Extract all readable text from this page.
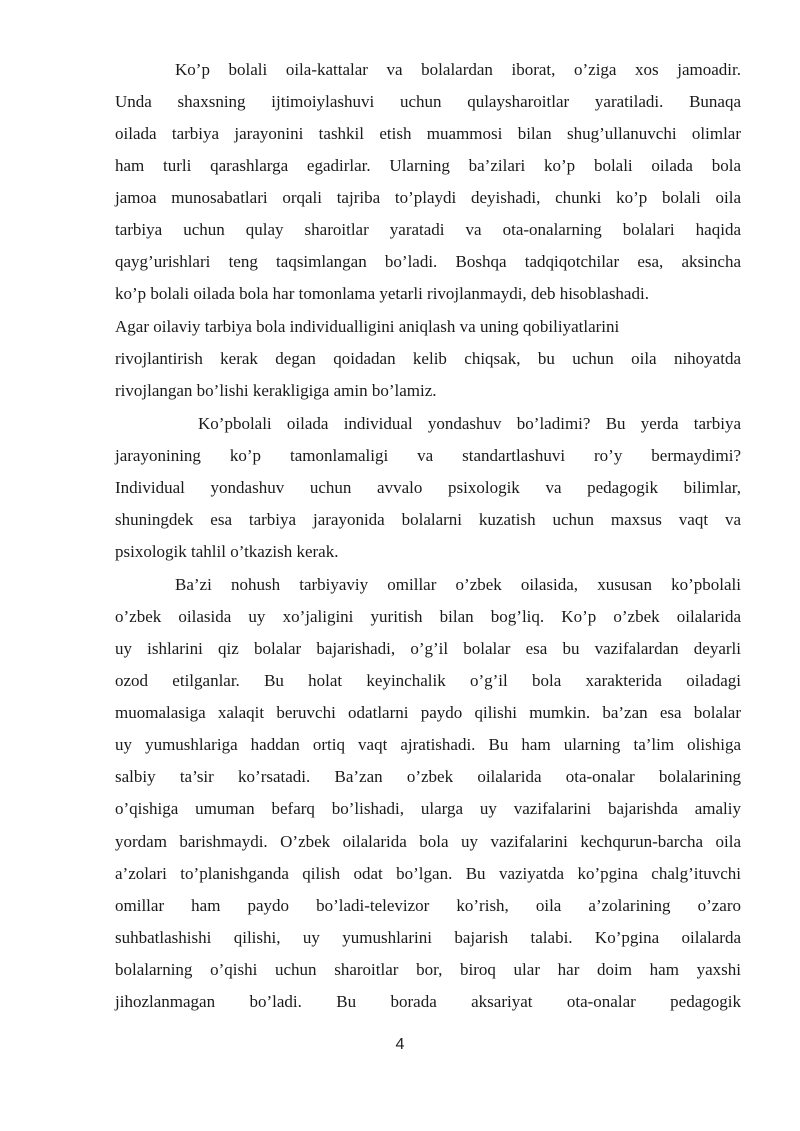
Ko’p bolali oila-kattalar va bolalardan iborat, o’ziga xos jamoadir.
Unda shaxsning ijtimoiylashuvi uchun qulaysharoitlar yaratiladi. Bunaqa
oilada tarbiya jarayonini tashkil etish muammosi bilan shug’ullanuvchi olimlar
ham turli qarashlarga egadirlar. Ularning ba’zilari ko’p bolali oilada bola
jamoa munosabatlari orqali tajriba to’playdi deyishadi, chunki ko’p bolali oila
tarbiya uchun qulay sharoitlar yaratadi va ota-onalarning bolalari haqida
qayg’urishlari teng taqsimlangan bo’ladi. Boshqa tadqiqotchilar esa, aksincha
ko’p bolali oilada bola har tomonlama yetarli rivojlanmaydi, deb hisoblashadi.
Agar oilaviy tarbiya bola individualligini aniqlash va uning qobiliyatlarini
rivojlantirish kerak degan qoidadan kelib chiqsak, bu uchun oila nihoyatda
rivojlangan bo’lishi kerakligiga amin bo’lamiz.
Ko’pbolali oilada individual yondashuv bo’ladimi? Bu yerda tarbiya
jarayonining ko’p tamonlamaligi va standartlashuvi ro’y bermaydimi?
Individual yondashuv uchun avvalo psixologik va pedagogik bilimlar,
shuningdek esa tarbiya jarayonida bolalarni kuzatish uchun maxsus vaqt va
psixologik tahlil o’tkazish kerak.
Ba’zi nohush tarbiyaviy omillar o’zbek oilasida, xususan ko’pbolali
o’zbek oilasida uy xo’jaligini yuritish bilan bog’liq. Ko’p o’zbek oilalarida
uy ishlarini qiz bolalar bajarishadi, o’g’il bolalar esa bu vazifalardan deyarli
ozod etilganlar. Bu holat keyinchalik o’g’il bola xarakterida oiladagi
muomalasiga xalaqit beruvchi odatlarni paydo qilishi mumkin. ba’zan esa bolalar
uy yumushlariga haddan ortiq vaqt ajratishadi. Bu ham ularning ta’lim olishiga
salbiy ta’sir ko’rsatadi. Ba’zan o’zbek oilalarida ota-onalar bolalarining
o’qishiga umuman befarq bo’lishadi, ularga uy vazifalarini bajarishda amaliy
yordam barishmaydi. O’zbek oilalarida bola uy vazifalarini kechqurun-barcha oila
a’zolari to’planishganda qilish odat bo’lgan. Bu vaziyatda ko’pgina chalg’ituvchi
omillar ham paydo bo’ladi-televizor ko’rish, oila a’zolarining o’zaro
suhbatlashishi qilishi, uy yumushlarini bajarish talabi. Ko’pgina oilalarda
bolalarning o’qishi uchun sharoitlar bor, biroq ular har doim ham yaxshi
jihozlanmagan bo’ladi. Bu borada aksariyat ota-onalar pedagogik
4
